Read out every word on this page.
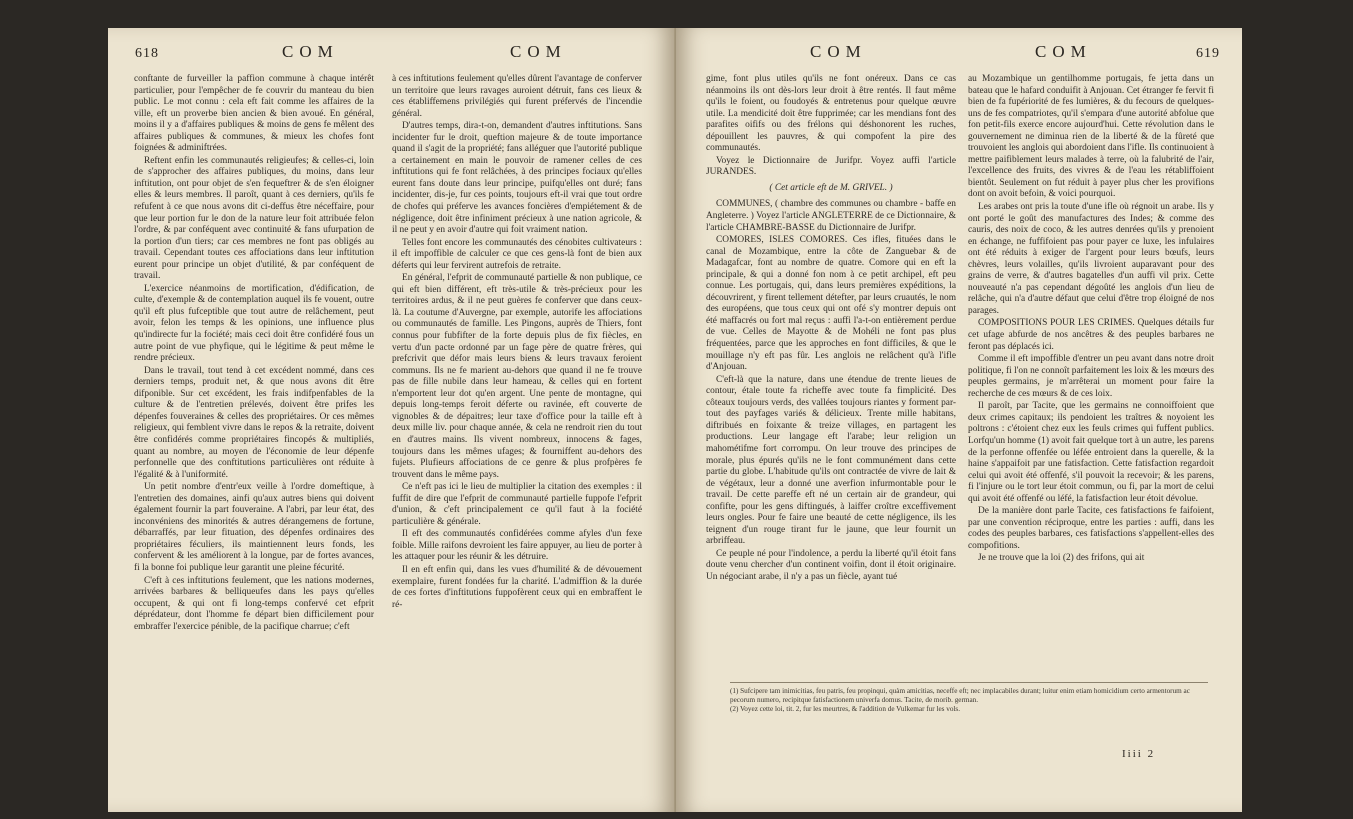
618	COM	COM	COM	COM	619

conftante de furveiller la paffion commune à chaque intérêt particulier, pour l'empêcher de fe couvrir du manteau du bien public. Le mot connu : cela eft fait comme les affaires de la ville, eft un proverbe bien ancien & bien avoué. En général, moins il y a d'affaires publiques & moins de gens fe mêlent des affaires publiques & communes, & mieux les chofes font foignées & adminiftrées.

Reftent enfin les communautés religieufes; & celles-ci, loin de s'approcher des affaires publiques, du moins, dans leur inftitution, ont pour objet de s'en fequeftrer & de s'en éloigner elles & leurs membres. Il paroît, quant à ces derniers, qu'ils fe refufent à ce que nous avons dit ci-deffus être néceffaire, pour que leur portion fur le don de la nature leur foit attribuée felon l'ordre, & par conféquent avec continuité & fans ufurpation de la portion d'un tiers; car ces membres ne font pas obligés au travail. Cependant toutes ces affociations dans leur inftitution eurent pour principe un objet d'utilité, & par conféquent de travail.

L'exercice néanmoins de mortification, d'édification, de culte, d'exemple & de contemplation auquel ils fe vouent, outre qu'il eft plus fufceptible que tout autre de relâchement, peut avoir, felon les temps & les opinions, une influence plus qu'indirecte fur la fociété; mais ceci doit être confidéré fous un autre point de vue phyfique, qui le légitime & peut même le rendre précieux.

Dans le travail, tout tend à cet excédent nommé, dans ces derniers temps, produit net, & que nous avons dit être difponible. Sur cet excédent, les frais indifpenfables de la culture & de l'entretien prélevés, doivent être prifes les dépenfes fouveraines & celles des propriétaires. Or ces mêmes religieux, qui femblent vivre dans le repos & la retraite, doivent être confidérés comme propriétaires fincopés & multipliés, quant au nombre, au moyen de l'économie de leur dépenfe perfonnelle que des conftitutions particulières ont réduite à l'égalité & à l'uniformité.

Un petit nombre d'entr'eux veille à l'ordre domeftique, à l'entretien des domaines, ainfi qu'aux autres biens qui doivent également fournir la part fouveraine. A l'abri, par leur état, des inconvéniens des minorités & autres dérangemens de fortune, débarraffés, par leur fituation, des dépenfes ordinaires des propriétaires féculiers, ils maintiennent leurs fonds, les confervent & les améliorent à la longue, par de fortes avances, fi la bonne foi publique leur garantit une pleine fécurité.

C'eft à ces inftitutions feulement, que les nations modernes, arrivées barbares & belliqueufes dans les pays qu'elles occupent, & qui ont fi long-temps confervé cet efprit déprédateur, dont l'homme fe départ bien difficilement pour embraffer l'exercice pénible, de la pacifique charrue; c'eft

à ces inftitutions feulement qu'elles dûrent l'avantage de conferver un territoire que leurs ravages auroient détruit, fans ces lieux & ces établiffemens privilégiés qui furent préfervés de l'incendie général.

D'autres temps, dira-t-on, demandent d'autres inftitutions. Sans incidenter fur le droit, queftion majeure & de toute importance quand il s'agit de la propriété; fans alléguer que l'autorité publique a certainement en main le pouvoir de ramener celles de ces inftitutions qui fe font relâchées, à des principes fociaux qu'elles eurent fans doute dans leur principe, puifqu'elles ont duré; fans incidenter, dis-je, fur ces points, toujours eft-il vrai que tout ordre de chofes qui préferve les avances foncières d'empiétement & de négligence, doit être infiniment précieux à une nation agricole, & il ne peut y en avoir d'autre qui foit vraiment nation.

Telles font encore les communautés des cénobites cultivateurs : il eft impoffible de calculer ce que ces gens-là font de bien aux déferts qui leur fervirent autrefois de retraite.

En général, l'efprit de communauté partielle & non publique, ce qui eft bien différent, eft très-utile & très-précieux pour les territoires ardus, & il ne peut guères fe conferver que dans ceux-là. La coutume d'Auvergne, par exemple, autorife les affociations ou communautés de famille. Les Pingons, auprès de Thiers, font connus pour fubfifter de la forte depuis plus de fix fiècles, en vertu d'un pacte ordonné par un fage père de quatre frères, qui prefcrivit que défor mais leurs biens & leurs travaux feroient communs. Ils ne fe marient au-dehors que quand il ne fe trouve pas de fille nubile dans leur hameau, & celles qui en fortent n'emportent leur dot qu'en argent. Une pente de montagne, qui depuis long-temps feroit déferte ou ravinée, eft couverte de vignobles & de dépaitres; leur taxe d'office pour la taille eft à deux mille liv. pour chaque année, & cela ne rendroit rien du tout en d'autres mains. Ils vivent nombreux, innocens & fages, toujours dans les mêmes ufages; & fourniffent au-dehors des fujets. Plufieurs affociations de ce genre & plus profpères fe trouvent dans le même pays.

Ce n'eft pas ici le lieu de multiplier la citation des exemples : il fuffit de dire que l'efprit de communauté partielle fuppofe l'efprit d'union, & c'eft principalement ce qu'il faut à la fociété particulière & générale.

Il eft des communautés confidérées comme afyles d'un fexe foible. Mille raifons devroient les faire appuyer, au lieu de porter à les attaquer pour les réunir & les détruire.

Il en eft enfin qui, dans les vues d'humilité & de dévouement exemplaire, furent fondées fur la charité. L'admiffion & la durée de ces fortes d'inftitutions fuppofèrent ceux qui en embraffent le ré-

gime, font plus utiles qu'ils ne font onéreux. Dans ce cas néanmoins ils ont dès-lors leur droit à être rentés. Il faut même qu'ils le foient, ou foudoyés & entretenus pour quelque œuvre utile. La mendicité doit être fupprimée; car les mendians font des parafites oififs ou des frélons qui déshonorent les ruches, dépouillent les pauvres, & qui compofent la pire des communautés.

Voyez le Dictionnaire de Jurifpr. Voyez auffi l'article JURANDES.

( Cet article eft de M. GRIVEL. )

COMMUNES, ( chambre des communes ou chambre - baffe en Angleterre. ) Voyez l'article ANGLETERRE de ce Dictionnaire, & l'article CHAMBRE-BASSE du Dictionnaire de Jurifpr.

COMORES, ISLES COMORES. Ces ifles, fituées dans le canal de Mozambique, entre la côte de Zanguebar & de Madagafcar, font au nombre de quatre. Comore qui en eft la principale, & qui a donné fon nom à ce petit archipel, eft peu connue. Les portugais, qui, dans leurs premières expéditions, la découvrirent, y firent tellement détefter, par leurs cruautés, le nom des européens, que tous ceux qui ont ofé s'y montrer depuis ont été maffacrés ou fort mal reçus : auffi l'a-t-on entièrement perdue de vue. Celles de Mayotte & de Mohéli ne font pas plus fréquentées, parce que les approches en font difficiles, & que le mouillage n'y eft pas fûr. Les anglois ne relâchent qu'à l'ifle d'Anjouan.

C'eft-là que la nature, dans une étendue de trente lieues de contour, étale toute fa richeffe avec toute fa fimplicité. Des côteaux toujours verds, des vallées toujours riantes y forment par-tout des payfages variés & délicieux. Trente mille habitans, diftribués en foixante & treize villages, en partagent les productions. Leur langage eft l'arabe; leur religion un mahométifme fort corrompu. On leur trouve des principes de morale, plus épurés qu'ils ne le font communément dans cette partie du globe. L'habitude qu'ils ont contractée de vivre de lait & de végétaux, leur a donné une averfion infurmontable pour le travail. De cette pareffe eft né un certain air de grandeur, qui confifte, pour les gens diftingués, à laiffer croître exceffivement leurs ongles. Pour fe faire une beauté de cette négligence, ils les teignent d'un rouge tirant fur le jaune, que leur fournit un arbriffeau.

Ce peuple né pour l'indolence, a perdu la liberté qu'il étoit fans doute venu chercher d'un continent voifin, dont il étoit originaire. Un négociant arabe, il n'y a pas un fiècle, ayant tué

au Mozambique un gentilhomme portugais, fe jetta dans un bateau que le hafard conduifit à Anjouan. Cet étranger fe fervit fi bien de fa fupériorité de fes lumières, & du fecours de quelques-uns de fes compatriotes, qu'il s'empara d'une autorité abfolue que fon petit-fils exerce encore aujourd'hui. Cette révolution dans le gouvernement ne diminua rien de la liberté & de la fûreté que trouvoient les anglois qui abordoient dans l'ifle. Ils continuoient à mettre paifiblement leurs malades à terre, où la falubrité de l'air, l'excellence des fruits, des vivres & de l'eau les rétabliffoient bientôt. Seulement on fut réduit à payer plus cher les provifions dont on avoit befoin, & voici pourquoi.

Les arabes ont pris la toute d'une ifle où régnoit un arabe. Ils y ont porté le goût des manufactures des Indes; & comme des cauris, des noix de coco, & les autres denrées qu'ils y prenoient en échange, ne fuffifoient pas pour payer ce luxe, les infulaires ont été réduits à exiger de l'argent pour leurs bœufs, leurs chèvres, leurs volailles, qu'ils livroient auparavant pour des grains de verre, & d'autres bagatelles d'un auffi vil prix. Cette nouveauté n'a pas cependant dégoûté les anglois d'un lieu de relâche, qui n'a d'autre défaut que celui d'être trop éloigné de nos parages.

COMPOSITIONS POUR LES CRIMES. Quelques détails fur cet ufage abfurde de nos ancêtres & des peuples barbares ne feront pas déplacés ici.

Comme il eft impoffible d'entrer un peu avant dans notre droit politique, fi l'on ne connoît parfaitement les loix & les mœurs des peuples germains, je m'arrêterai un moment pour faire la recherche de ces mœurs & de ces loix.

Il paroît, par Tacite, que les germains ne connoiffoient que deux crimes capitaux; ils pendoient les traîtres & noyoient les poltrons : c'étoient chez eux les feuls crimes qui fuffent publics. Lorfqu'un homme (1) avoit fait quelque tort à un autre, les parens de la perfonne offenfée ou léfée entroient dans la querelle, & la haine s'appaifoit par une fatisfaction. Cette fatisfaction regardoit celui qui avoit été offenfé, s'il pouvoit la recevoir; & les parens, fi l'injure ou le tort leur étoit commun, ou fi, par la mort de celui qui avoit été offenfé ou léfé, la fatisfaction leur étoit dévolue.

De la manière dont parle Tacite, ces fatisfactions fe faifoient, par une convention réciproque, entre les parties : auffi, dans les codes des peuples barbares, ces fatisfactions s'appellent-elles des compofitions.

Je ne trouve que la loi (2) des frifons, qui ait

(1) Sufcipere tam inimicitias, feu patris, feu propinqui, quàm amicitias, neceffe eft; nec implacabiles durant; luitur enim etiam homicidium certo armentorum ac pecorum numero, recipitque fatisfactionem univerfa domus. Tacite, de morib. german.
(2) Voyez cette loi, tit. 2, fur les meurtres, & l'addition de Vulkemar fur les vols.
Iiii 2
